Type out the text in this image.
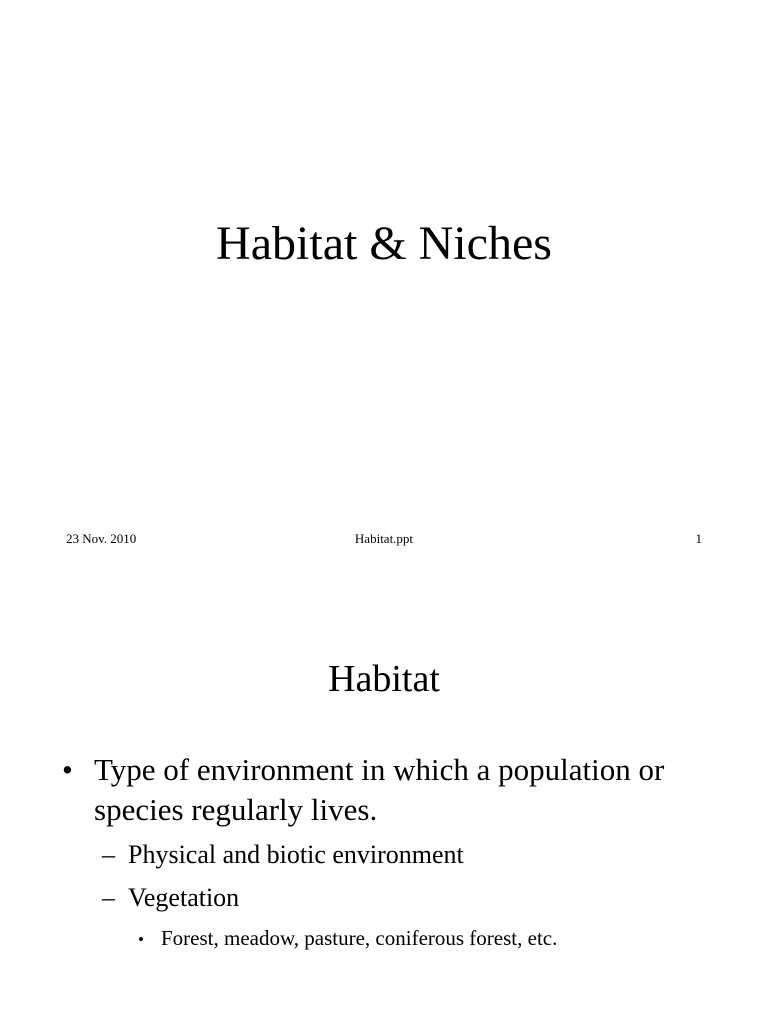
Habitat & Niches
23 Nov. 2010	Habitat.ppt	1
Habitat
• Type of environment in which a population or species regularly lives.
– Physical and biotic environment
– Vegetation
• Forest, meadow, pasture, coniferous forest, etc.
